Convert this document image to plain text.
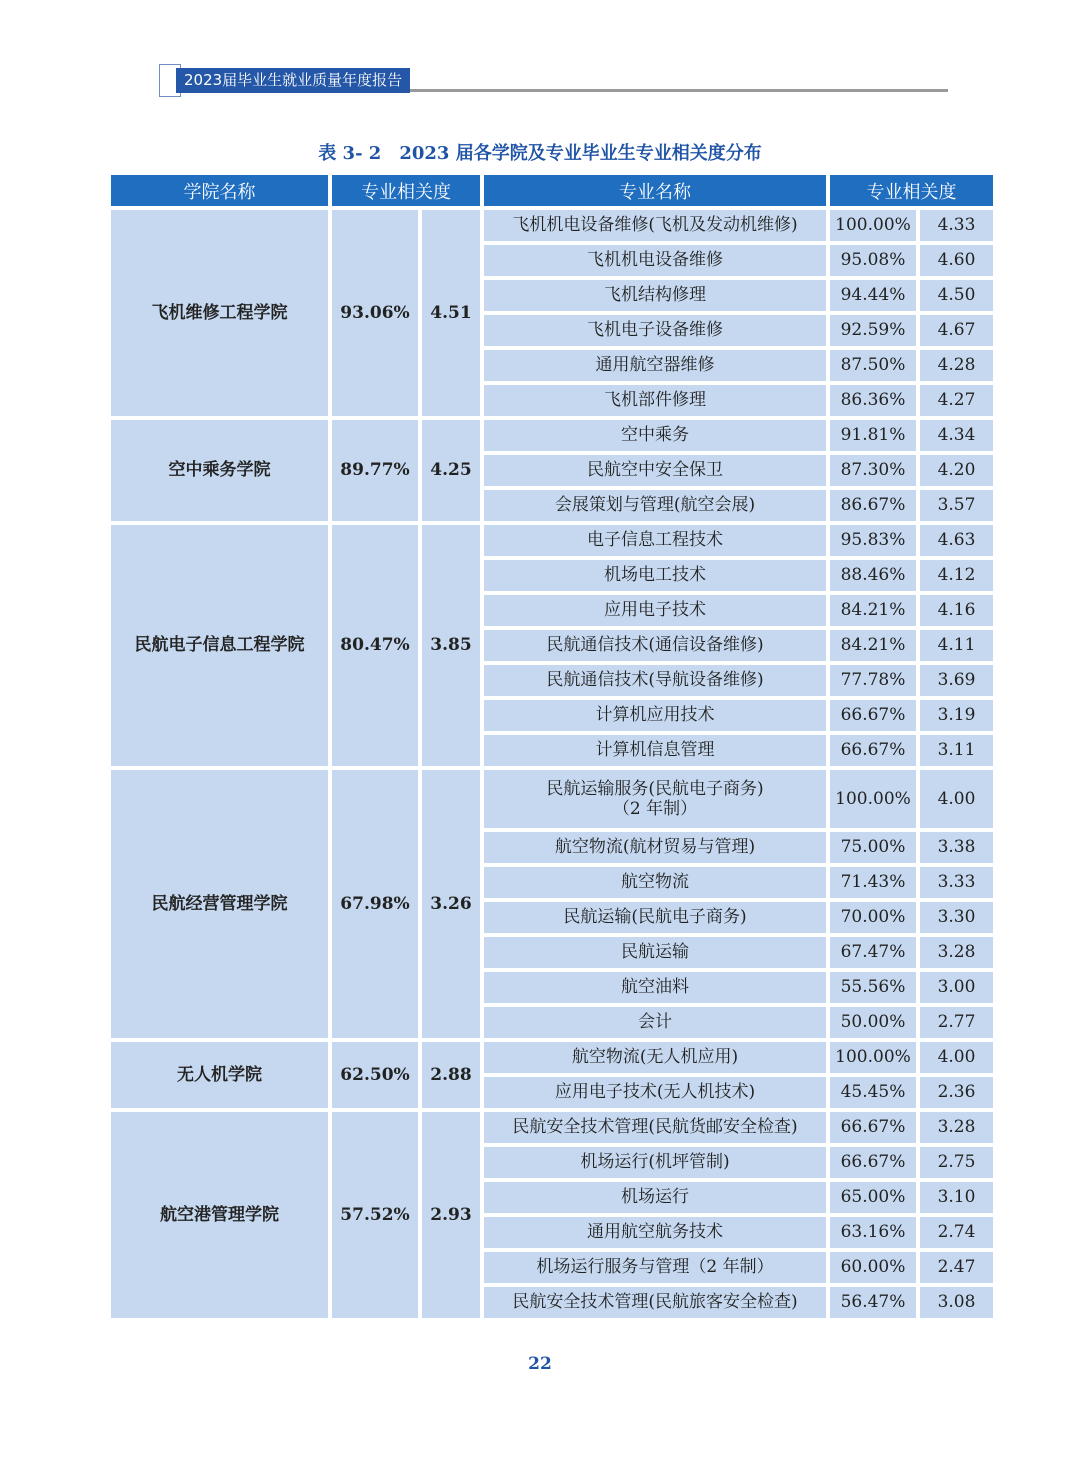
2023届毕业生就业质量年度报告
表 3- 2　2023 届各学院及专业毕业生专业相关度分布
学院名称	专业相关度		专业名称	专业相关度	
飞机维修工程学院	93.06%	4.51	飞机机电设备维修(飞机及发动机维修)	100.00%	4.33
			飞机机电设备维修	95.08%	4.60
			飞机结构修理	94.44%	4.50
			飞机电子设备维修	92.59%	4.67
			通用航空器维修	87.50%	4.28
			飞机部件修理	86.36%	4.27
空中乘务学院	89.77%	4.25	空中乘务	91.81%	4.34
			民航空中安全保卫	87.30%	4.20
			会展策划与管理(航空会展)	86.67%	3.57
民航电子信息工程学院	80.47%	3.85	电子信息工程技术	95.83%	4.63
			机场电工技术	88.46%	4.12
			应用电子技术	84.21%	4.16
			民航通信技术(通信设备维修)	84.21%	4.11
			民航通信技术(导航设备维修)	77.78%	3.69
			计算机应用技术	66.67%	3.19
			计算机信息管理	66.67%	3.11
民航经营管理学院	67.98%	3.26	民航运输服务(民航电子商务)
（2 年制）	100.00%	4.00
			航空物流(航材贸易与管理)	75.00%	3.38
			航空物流	71.43%	3.33
			民航运输(民航电子商务)	70.00%	3.30
			民航运输	67.47%	3.28
			航空油料	55.56%	3.00
			会计	50.00%	2.77
无人机学院	62.50%	2.88	航空物流(无人机应用)	100.00%	4.00
			应用电子技术(无人机技术)	45.45%	2.36
航空港管理学院	57.52%	2.93	民航安全技术管理(民航货邮安全检查)	66.67%	3.28
			机场运行(机坪管制)	66.67%	2.75
			机场运行	65.00%	3.10
			通用航空航务技术	63.16%	2.74
			机场运行服务与管理（2 年制）	60.00%	2.47
			民航安全技术管理(民航旅客安全检查)	56.47%	3.08
22
